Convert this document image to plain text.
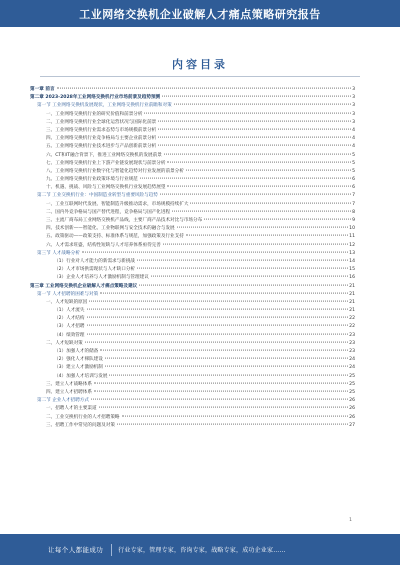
工业网络交换机企业破解人才痛点策略研究报告
内容目录
第一章 前言	3
第二章 2023-2028年工业网络交换机行业市场前景及趋势预测	3
第一节 工业网络交换机发展现状，工业网络交换机行业前瞻和对策	3
一、工业网络交换机行业的研究价值和前景分析	3
二、工业网络交换机行业全球化运营状况与国际化前景	3
三、工业网络交换机行业需求态势与市场规模前景分析	4
四、工业网络交换机行业竞争格局与主要企业前景分析	4
五、工业网络交换机行业技术进步与产品创新前景分析	4
六、CT和IT融合背景下，推进工业网络交换机的发展前景	5
七、工业网络交换机行业上下游产业链发展现状与前景分析	5
八、工业网络交换机行业数字化与智能化趋势对行业发展的前景分析	5
九、工业网络交换机行业政策环境与行业规范	6
十、机遇、挑战、风险与工业网络交换机行业发展趋势展望	6
第二节 工业交换机行业：中国制造业转型与重要风险与趋势	7
一、工业互联网时代发展、智能制造升级推动需求，市场规模持续扩大	7
二、国内外竞争格局与国产替代进程，竞争格局与国产化进程	8
三、主流厂商布局工业网络交换机产品线，主要厂商产品技术对比与市场分布	9
四、技术创新——智能化、工业物联网与安全技术的融合与发展	10
五、政策驱动——政策支持、标准体系与规范，加强政策及行业支持	11
六、人才需求旺盛，结构性短缺与人才培养体系亟待完善	12
第三节 人才战略分析	13
（1）行业对人才能力的新需求与新挑战	14
（2）人才市场供需现状与人才缺口分析	15
（3）企业人才培养与人才激励机制与管理建议	16
第三章 工业网络交换机企业破解人才痛点策略及建议	21
第一节 人才招聘的困难与对策	21
一、人才短缺的原因	21
（1）人才流失	21
（2）人才结构	22
（3）人才招聘	22
（4）绩效管理	23
二、人才短缺对策	23
（1）加强人才的储备	23
（2）强化人才梯队建设	24
（3）建立人才激励机制	24
（4）加强人才培训与发展	25
三、建立人才战略体系	25
四、建立人才招聘体系	25
第二节 企业人才招聘方式	26
一、招聘人才的主要渠道	26
二、工业交换机行业的人才招聘策略	26
三、招聘工作中常见的问题及对策	27
1
让每个人都能成功	行业专家，管理专家，咨询专家，战略专家，成功企业家……
